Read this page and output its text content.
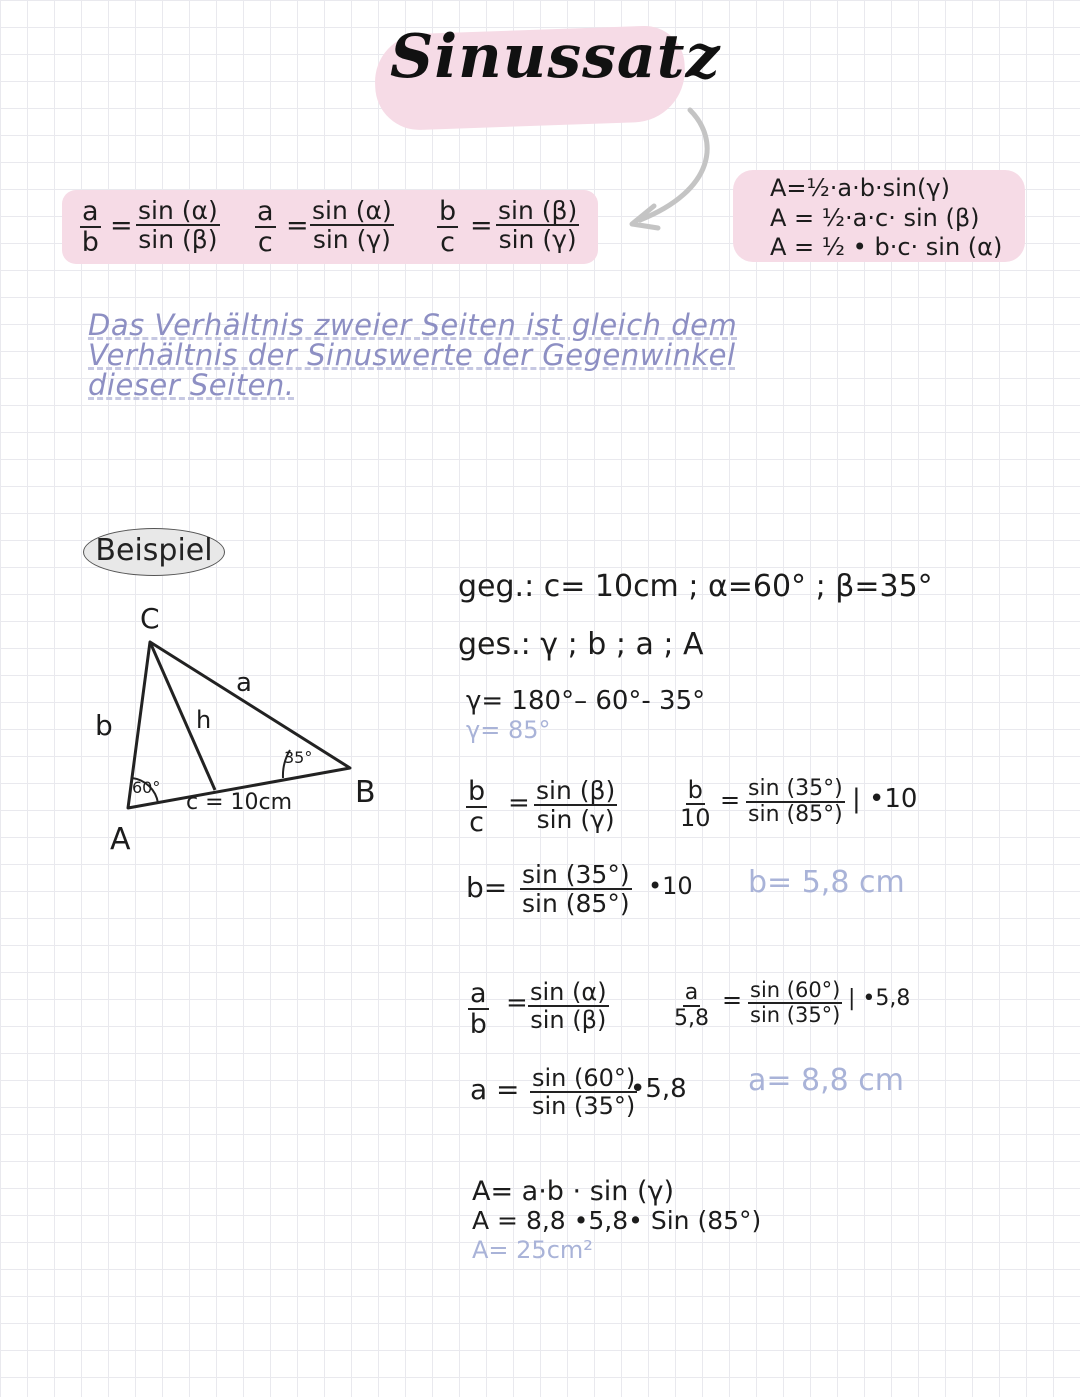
Sinussatz
$\frac{a}{b} = \frac{\sin (\alpha)}{\sin (\beta)} \frac{a}{c} = \frac{\sin (\alpha)}{\sin (\gamma)} \frac{b}{c} = \frac{\sin (\beta)}{\sin (\gamma)}$
A=½·a·b·sin(γ)
A = ½·a·c· sin (β)
A = ½ • b·c· sin (α)
Das Verhältnis zweier Seiten ist gleich dem Verhältnis der Sinuswerte der Gegenwinkel dieser Seiten.
Beispiel
C
A
B
a
b	h
c = 10cm
60°
35°
geg.: c= 10cm ; α=60° ; β=35°
ges.: γ ; b ; a ; A
γ= 180°– 60°- 35°
γ= 85°
$\frac{b}{c} = \frac{\sin (\beta)}{\sin (\gamma)}$	$\frac{b}{10} = \frac{\sin (35^\circ)}{\sin (85^\circ)}$ | •10
$b= \frac{\sin (35^\circ)}{\sin (85^\circ)}$ •10 b= 5,8 cm
$\frac{a}{b} = \frac{\sin (\alpha)}{\sin (\beta)}$	$\frac{a}{5,8} = \frac{\sin (60^\circ)}{\sin (35^\circ)}$ | •5,8
$a = \frac{\sin (60^\circ)}{\sin (35^\circ)}$
•5,8 a= 8,8 cm
A= a·b · sin (γ)
A = 8,8 •5,8• Sin (85°)
A= 25cm²
